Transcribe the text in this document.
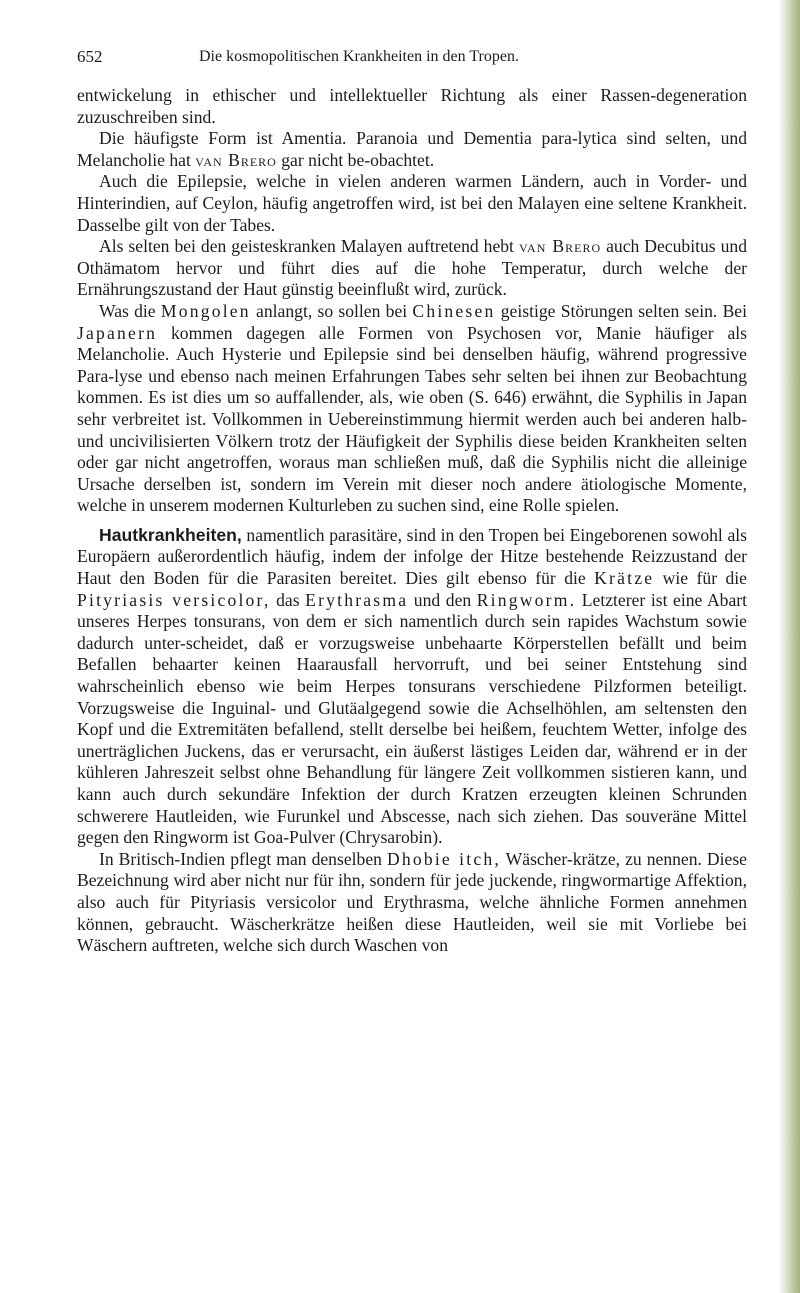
652	Die kosmopolitischen Krankheiten in den Tropen.

entwickelung in ethischer und intellektueller Richtung als einer Rassen-degeneration zuzuschreiben sind.

Die häufigste Form ist Amentia. Paranoia und Dementia para-lytica sind selten, und Melancholie hat van Brero gar nicht be-obachtet.

Auch die Epilepsie, welche in vielen anderen warmen Ländern, auch in Vorder- und Hinterindien, auf Ceylon, häufig angetroffen wird, ist bei den Malayen eine seltene Krankheit. Dasselbe gilt von der Tabes.

Als selten bei den geisteskranken Malayen auftretend hebt van Brero auch Decubitus und Othämatom hervor und führt dies auf die hohe Temperatur, durch welche der Ernährungszustand der Haut günstig beeinflußt wird, zurück.

Was die Mongolen anlangt, so sollen bei Chinesen geistige Störungen selten sein. Bei Japanern kommen dagegen alle Formen von Psychosen vor, Manie häufiger als Melancholie. Auch Hysterie und Epilepsie sind bei denselben häufig, während progressive Para-lyse und ebenso nach meinen Erfahrungen Tabes sehr selten bei ihnen zur Beobachtung kommen. Es ist dies um so auffallender, als, wie oben (S. 646) erwähnt, die Syphilis in Japan sehr verbreitet ist. Vollkommen in Uebereinstimmung hiermit werden auch bei anderen halb- und uncivilisierten Völkern trotz der Häufigkeit der Syphilis diese beiden Krankheiten selten oder gar nicht angetroffen, woraus man schließen muß, daß die Syphilis nicht die alleinige Ursache derselben ist, sondern im Verein mit dieser noch andere ätiologische Momente, welche in unserem modernen Kulturleben zu suchen sind, eine Rolle spielen.

Hautkrankheiten, namentlich parasitäre, sind in den Tropen bei Eingeborenen sowohl als Europäern außerordentlich häufig, indem der infolge der Hitze bestehende Reizzustand der Haut den Boden für die Parasiten bereitet. Dies gilt ebenso für die Krätze wie für die Pityriasis versicolor, das Erythrasma und den Ringworm. Letzterer ist eine Abart unseres Herpes tonsurans, von dem er sich namentlich durch sein rapides Wachstum sowie dadurch unter-scheidet, daß er vorzugsweise unbehaarte Körperstellen befällt und beim Befallen behaarter keinen Haarausfall hervorruft, und bei seiner Entstehung sind wahrscheinlich ebenso wie beim Herpes tonsurans verschiedene Pilzformen beteiligt. Vorzugsweise die Inguinal- und Glutäalgegend sowie die Achselhöhlen, am seltensten den Kopf und die Extremitäten befallend, stellt derselbe bei heißem, feuchtem Wetter, infolge des unerträglichen Juckens, das er verursacht, ein äußerst lästiges Leiden dar, während er in der kühleren Jahreszeit selbst ohne Behandlung für längere Zeit vollkommen sistieren kann, und kann auch durch sekundäre Infektion der durch Kratzen erzeugten kleinen Schrunden schwerere Hautleiden, wie Furunkel und Abscesse, nach sich ziehen. Das souveräne Mittel gegen den Ringworm ist Goa-Pulver (Chrysarobin).

In Britisch-Indien pflegt man denselben Dhobie itch, Wäscher-krätze, zu nennen. Diese Bezeichnung wird aber nicht nur für ihn, sondern für jede juckende, ringwormartige Affektion, also auch für Pityriasis versicolor und Erythrasma, welche ähnliche Formen annehmen können, gebraucht. Wäscherkrätze heißen diese Hautleiden, weil sie mit Vorliebe bei Wäschern auftreten, welche sich durch Waschen von
